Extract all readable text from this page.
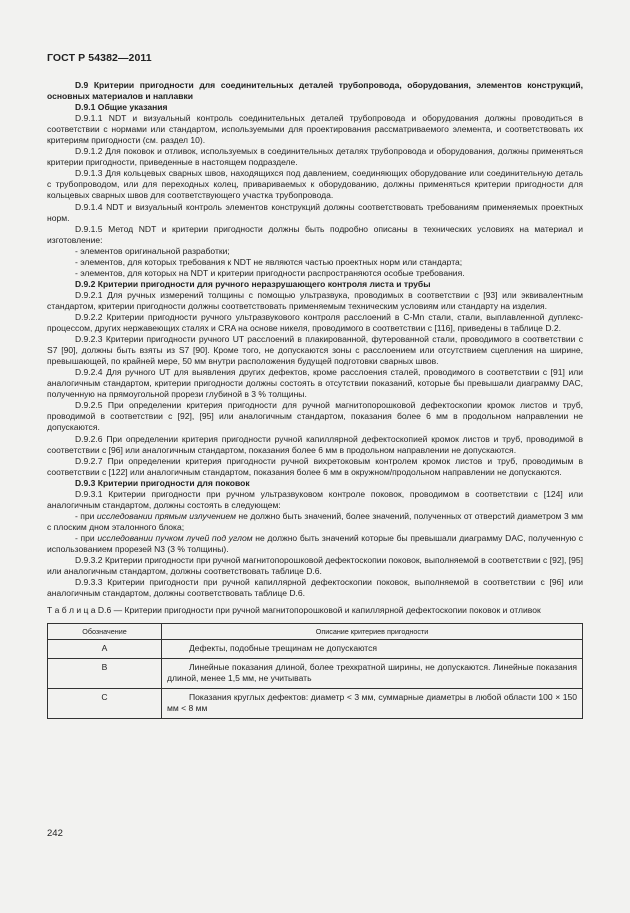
ГОСТ Р 54382—2011

D.9 Критерии пригодности для соединительных деталей трубопровода, оборудования, элементов конструкций, основных материалов и наплавки

D.9.1 Общие указания

D.9.1.1 NDT и визуальный контроль соединительных деталей трубопровода и оборудования должны проводиться в соответствии с нормами или стандартом, используемыми для проектирования рассматриваемого элемента, и соответствовать их критериям пригодности (см. раздел 10).

D.9.1.2 Для поковок и отливок, используемых в соединительных деталях трубопровода и оборудования, должны применяться критерии пригодности, приведенные в настоящем подразделе.

D.9.1.3 Для кольцевых сварных швов, находящихся под давлением, соединяющих оборудование или соединительную деталь с трубопроводом, или для переходных колец, привариваемых к оборудованию, должны применяться критерии пригодности для кольцевых сварных швов для соответствующего участка трубопровода.

D.9.1.4 NDT и визуальный контроль элементов конструкций должны соответствовать требованиям применяемых проектных норм.

D.9.1.5 Метод NDT и критерии пригодности должны быть подробно описаны в технических условиях на материал и изготовление:

- элементов оригинальной разработки;

- элементов, для которых требования к NDT не являются частью проектных норм или стандарта;

- элементов, для которых на NDT и критерии пригодности распространяются особые требования.

D.9.2 Критерии пригодности для ручного неразрушающего контроля листа и трубы

D.9.2.1 Для ручных измерений толщины с помощью ультразвука, проводимых в соответствии с [93] или эквивалентным стандартом, критерии пригодности должны соответствовать применяемым техническим условиям или стандарту на изделия.

D.9.2.2 Критерии пригодности ручного ультразвукового контроля расслоений в C-Mn стали, стали, выплавленной дуплекс-процессом, других нержавеющих сталях и CRA на основе никеля, проводимого в соответствии с [116], приведены в таблице D.2.

D.9.2.3 Критерии пригодности ручного UT расслоений в плакированной, футерованной стали, проводимого в соответствии с S7 [90], должны быть взяты из S7 [90]. Кроме того, не допускаются зоны с расслоением или отсутствием сцепления на ширине, превышающей, по крайней мере, 50 мм внутри расположения будущей подготовки сварных швов.

D.9.2.4 Для ручного UT для выявления других дефектов, кроме расслоения сталей, проводимого в соответствии с [91] или аналогичным стандартом, критерии пригодности должны состоять в отсутствии показаний, которые бы превышали диаграмму DAC, полученную на прямоугольной прорези глубиной в 3 % толщины.

D.9.2.5 При определении критерия пригодности для ручной магнитопорошковой дефектоскопии кромок листов и труб, проводимой в соответствии с [92], [95] или аналогичным стандартом, показания более 6 мм в продольном направлении не допускаются.

D.9.2.6 При определении критерия пригодности ручной капиллярной дефектоскопией кромок листов и труб, проводимой в соответствии с [96] или аналогичным стандартом, показания более 6 мм в продольном направлении не допускаются.

D.9.2.7 При определении критерия пригодности ручной вихретоковым контролем кромок листов и труб, проводимым в соответствии с [122] или аналогичным стандартом, показания более 6 мм в окружном/продольном направлении не допускаются.

D.9.3 Критерии пригодности для поковок

D.9.3.1 Критерии пригодности при ручном ультразвуковом контроле поковок, проводимом в соответствии с [124] или аналогичным стандартом, должны состоять в следующем:

- при исследовании прямым излучением не должно быть значений, более значений, полученных от отверстий диаметром 3 мм с плоским дном эталонного блока;

- при исследовании пучком лучей под углом не должно быть значений которые бы превышали диаграмму DAC, полученную с использованием прорезей N3 (3 % толщины).

D.9.3.2 Критерии пригодности при ручной магнитопорошковой дефектоскопии поковок, выполняемой в соответствии с [92], [95] или аналогичным стандартом, должны соответствовать таблице D.6.

D.9.3.3 Критерии пригодности при ручной капиллярной дефектоскопии поковок, выполняемой в соответствии с [96] или аналогичным стандартом, должны соответствовать таблице D.6.

Т а б л и ц а D.6 — Критерии пригодности при ручной магнитопорошковой и капиллярной дефектоскопии поковок и отливок

Обозначение	Описание критериев пригодности
A	Дефекты, подобные трещинам не допускаются
B	Линейные показания длиной, более трехкратной ширины, не допускаются. Линейные показания длиной, менее 1,5 мм, не учитывать
C	Показания круглых дефектов: диаметр < 3 мм, суммарные диаметры в любой области 100 × 150 мм < 8 мм
242
